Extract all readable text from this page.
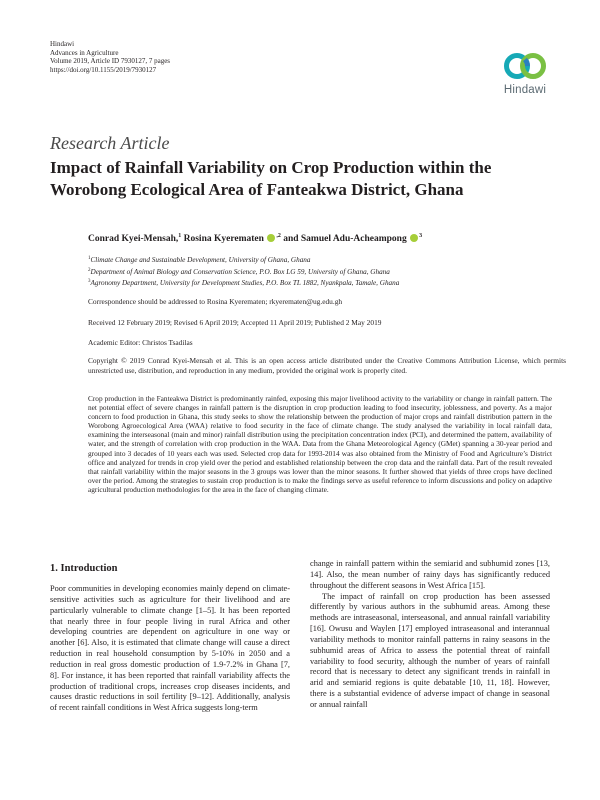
Hindawi
Advances in Agriculture
Volume 2019, Article ID 7930127, 7 pages
https://doi.org/10.1155/2019/7930127
Hindawi
Research Article
Impact of Rainfall Variability on Crop Production within the Worobong Ecological Area of Fanteakwa District, Ghana
Conrad Kyei-Mensah,$^1$ Rosina Kyerematen $^{,2}$ and Samuel Adu-Acheampong $^3$
$^1$Climate Change and Sustainable Development, University of Ghana, Ghana
$^2$Department of Animal Biology and Conservation Science, P.O. Box LG 59, University of Ghana, Ghana
$^3$Agronomy Department, University for Development Studies, P.O. Box TL 1882, Nyankpala, Tamale, Ghana
Correspondence should be addressed to Rosina Kyerematen; rkyerematen@ug.edu.gh
Received 12 February 2019; Revised 6 April 2019; Accepted 11 April 2019; Published 2 May 2019
Academic Editor: Christos Tsadilas
Copyright © 2019 Conrad Kyei-Mensah et al. This is an open access article distributed under the Creative Commons Attribution License, which permits unrestricted use, distribution, and reproduction in any medium, provided the original work is properly cited.
Crop production in the Fanteakwa District is predominantly rainfed, exposing this major livelihood activity to the variability or change in rainfall pattern. The net potential effect of severe changes in rainfall pattern is the disruption in crop production leading to food insecurity, joblessness, and poverty. As a major concern to food production in Ghana, this study seeks to show the relationship between the production of major crops and rainfall distribution pattern in the Worobong Agroecological Area (WAA) relative to food security in the face of climate change. The study analysed the variability in local rainfall data, examining the interseasonal (main and minor) rainfall distribution using the precipitation concentration index (PCI), and determined the pattern, availability of water, and the strength of correlation with crop production in the WAA. Data from the Ghana Meteorological Agency (GMet) spanning a 30-year period and grouped into 3 decades of 10 years each was used. Selected crop data for 1993-2014 was also obtained from the Ministry of Food and Agriculture’s District office and analyzed for trends in crop yield over the period and established relationship between the crop data and the rainfall data. Part of the result revealed that rainfall variability within the major seasons in the 3 groups was lower than the minor seasons. It further showed that yields of three crops have declined over the period. Among the strategies to sustain crop production is to make the findings serve as useful reference to inform discussions and policy on adaptive agricultural production methodologies for the area in the face of changing climate.
1. Introduction

Poor communities in developing economies mainly depend on climate-sensitive activities such as agriculture for their livelihood and are particularly vulnerable to climate change [1–5]. It has been reported that nearly three in four people living in rural Africa and other developing countries are dependent on agriculture in one way or another [6]. Also, it is estimated that climate change will cause a direct reduction in real household consumption by 5-10% in 2050 and a reduction in real gross domestic production of 1.9-7.2% in Ghana [7, 8]. For instance, it has been reported that rainfall variability affects the production of traditional crops, increases crop diseases incidents, and causes drastic reductions in soil fertility [9–12]. Additionally, analysis of recent rainfall conditions in West Africa suggests long-term

change in rainfall pattern within the semiarid and subhumid zones [13, 14]. Also, the mean number of rainy days has significantly reduced throughout the different seasons in West Africa [15].

The impact of rainfall on crop production has been assessed differently by various authors in the subhumid areas. Among these methods are intraseasonal, interseasonal, and annual rainfall variability [16]. Owusu and Waylen [17] employed intraseasonal and interannual variability methods to monitor rainfall patterns in rainy seasons in the subhumid areas of Africa to assess the potential threat of rainfall variability to food security, although the number of years of rainfall record that is necessary to detect any significant trends in rainfall in arid and semiarid regions is quite debatable [10, 11, 18]. However, there is a substantial evidence of adverse impact of change in seasonal or annual rainfall
